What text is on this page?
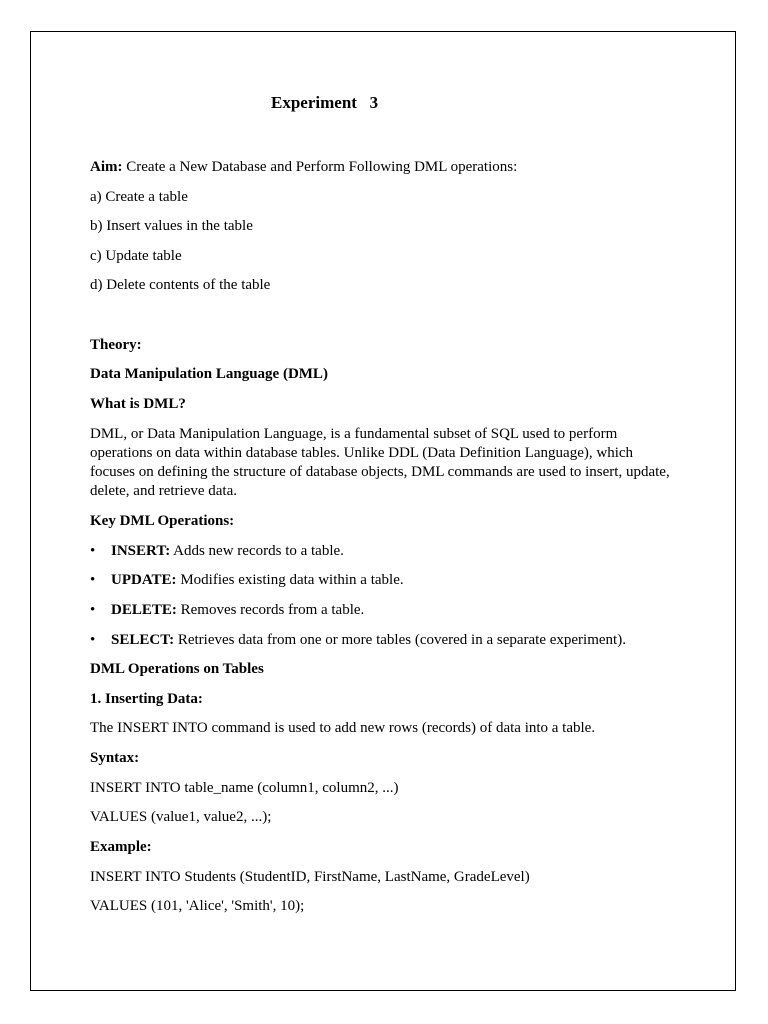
Experiment   3
Aim: Create a New Database and Perform Following DML operations:
a) Create a table
b) Insert values in the table
c) Update table
d) Delete contents of the table
Theory:
Data Manipulation Language (DML)
What is DML?
DML, or Data Manipulation Language, is a fundamental subset of SQL used to perform operations on data within database tables. Unlike DDL (Data Definition Language), which focuses on defining the structure of database objects, DML commands are used to insert, update, delete, and retrieve data.
Key DML Operations:
• INSERT: Adds new records to a table.
• UPDATE: Modifies existing data within a table.
• DELETE: Removes records from a table.
• SELECT: Retrieves data from one or more tables (covered in a separate experiment).
DML Operations on Tables
1. Inserting Data:
The INSERT INTO command is used to add new rows (records) of data into a table.
Syntax:
INSERT INTO table_name (column1, column2, ...)
VALUES (value1, value2, ...);
Example:
INSERT INTO Students (StudentID, FirstName, LastName, GradeLevel)
VALUES (101, 'Alice', 'Smith', 10);
